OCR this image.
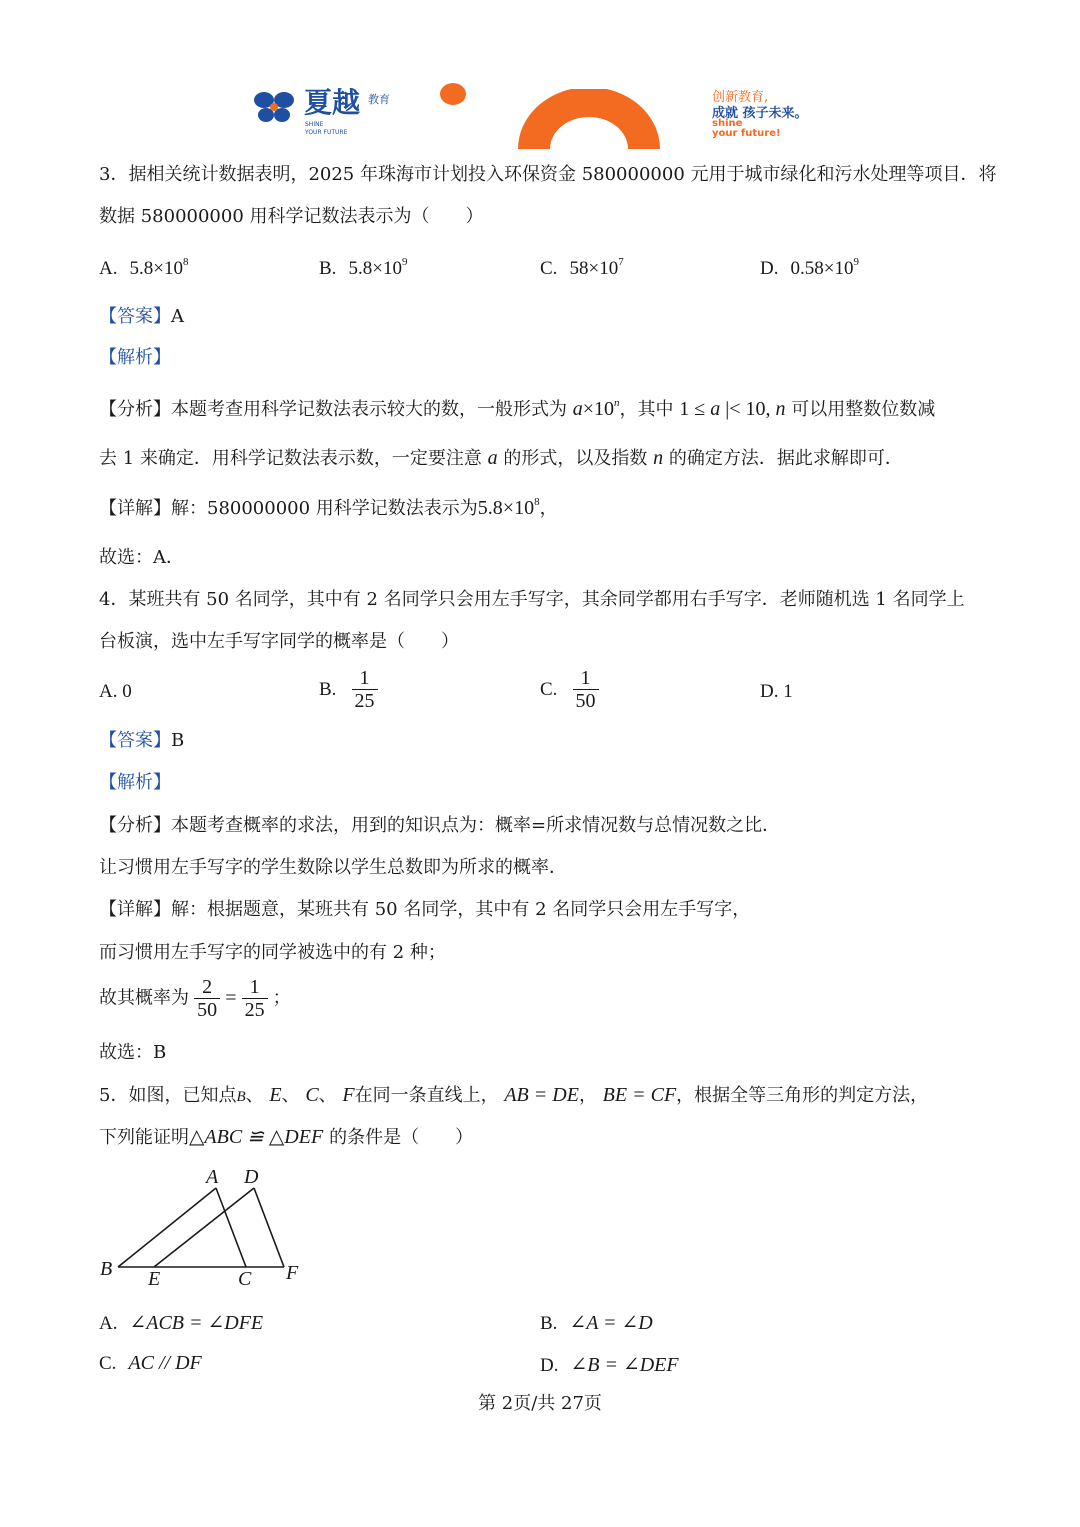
夏越 教育
SHINE
YOUR FUTURE
创新教育,
成就 孩子未来。
shine
your future!
3．据相关统计数据表明，2025 年珠海市计划投入环保资金 580000000 元用于城市绿化和污水处理等项目．将
数据 580000000 用科学记数法表示为（　　）
A. $5.8\times 10^8$	B. $5.8\times 10^9$	C. $58\times 10^7$	D. $0.58\times 10^9$
【答案】A
【解析】
【分析】本题考查用科学记数法表示较大的数，一般形式为 $a\times 10^n$，其中 1 ≤ a |< 10, n 可以用整数位数减
去 1 来确定．用科学记数法表示数，一定要注意 a 的形式，以及指数 n 的确定方法．据此求解即可．
【详解】解：580000000 用科学记数法表示为$5.8\times 10^8$，
故选：A．
4．某班共有 50 名同学，其中有 2 名同学只会用左手写字，其余同学都用右手写字．老师随机选 1 名同学上
台板演，选中左手写字同学的概率是（　　）
A. 0	B. $\frac{1}{25}$	C. $\frac{1}{50}$	D. 1
【答案】B
【解析】
【分析】本题考查概率的求法，用到的知识点为：概率=所求情况数与总情况数之比．
让习惯用左手写字的学生数除以学生总数即为所求的概率．
【详解】解：根据题意，某班共有 50 名同学，其中有 2 名同学只会用左手写字，
而习惯用左手写字的同学被选中的有 2 种；
故其概率为 $\frac{2}{50} = \frac{1}{25}$ ；
故选：B
5．如图，已知点B、 E、 C、 F在同一条直线上， AB = DE， BE = CF，根据全等三角形的判定方法，
下列能证明△ABC ≌ △DEF 的条件是（　　）
A D
B E	C F
A. ∠ACB = ∠DFE	B. ∠A = ∠D
C. AC // DF	D. ∠B = ∠DEF
第 2页/共 27页
